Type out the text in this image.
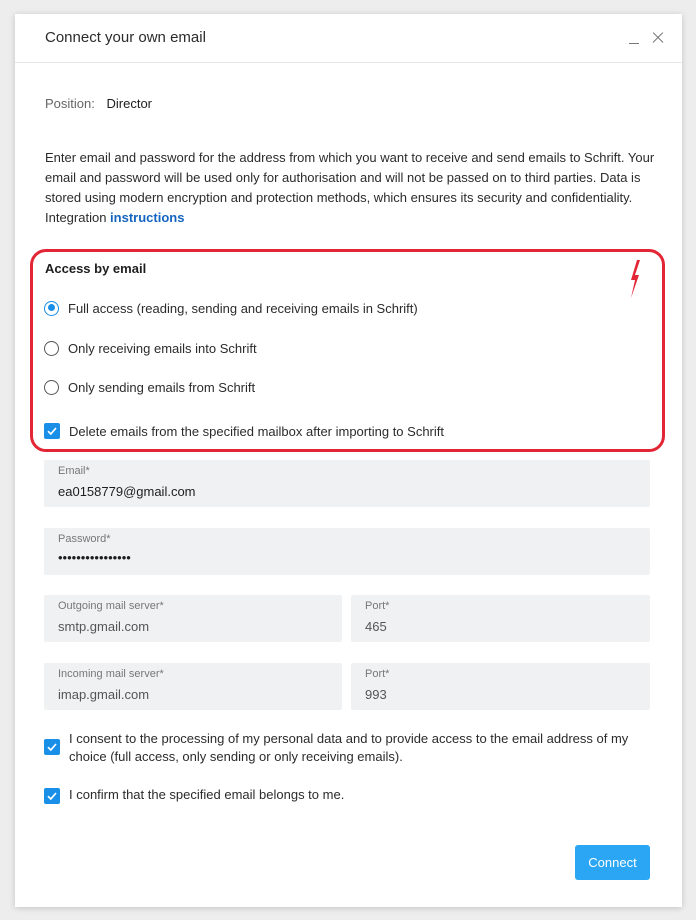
Connect your own email
Position: Director
Enter email and password for the address from which you want to receive and send emails to Schrift. Your email and password will be used only for authorisation and will not be passed on to third parties. Data is stored using modern encryption and protection methods, which ensures its security and confidentiality. Integration instructions
Access by email
Full access (reading, sending and receiving emails in Schrift)
Only receiving emails into Schrift
Only sending emails from Schrift
Delete emails from the specified mailbox after importing to Schrift
Email*
ea0158779@gmail.com
Password*
••••••••••••••••
Outgoing mail server*
smtp.gmail.com	Port*
465
Incoming mail server*
imap.gmail.com	Port*
993
I consent to the processing of my personal data and to provide access to the email address of my choice (full access, only sending or only receiving emails).
I confirm that the specified email belongs to me.
Connect
